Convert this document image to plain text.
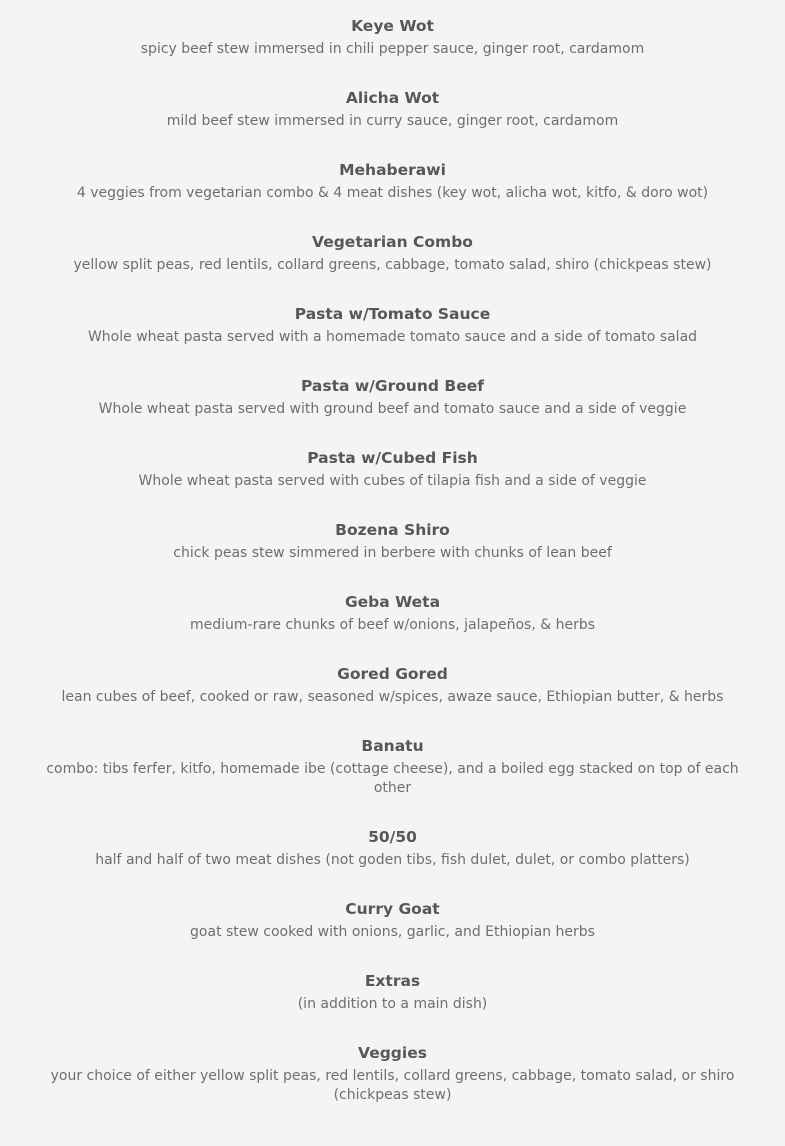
Keye Wot
spicy beef stew immersed in chili pepper sauce, ginger root, cardamom
Alicha Wot
mild beef stew immersed in curry sauce, ginger root, cardamom
Mehaberawi
4 veggies from vegetarian combo & 4 meat dishes (key wot, alicha wot, kitfo, & doro wot)
Vegetarian Combo
yellow split peas, red lentils, collard greens, cabbage, tomato salad, shiro (chickpeas stew)
Pasta w/Tomato Sauce
Whole wheat pasta served with a homemade tomato sauce and a side of tomato salad
Pasta w/Ground Beef
Whole wheat pasta served with ground beef and tomato sauce and a side of veggie
Pasta w/Cubed Fish
Whole wheat pasta served with cubes of tilapia fish and a side of veggie
Bozena Shiro
chick peas stew simmered in berbere with chunks of lean beef
Geba Weta
medium-rare chunks of beef w/onions, jalapeños, & herbs
Gored Gored
lean cubes of beef, cooked or raw, seasoned w/spices, awaze sauce, Ethiopian butter, & herbs
Banatu
combo: tibs ferfer, kitfo, homemade ibe (cottage cheese), and a boiled egg stacked on top of each other
50/50
half and half of two meat dishes (not goden tibs, fish dulet, dulet, or combo platters)
Curry Goat
goat stew cooked with onions, garlic, and Ethiopian herbs
Extras
(in addition to a main dish)
Veggies
your choice of either yellow split peas, red lentils, collard greens, cabbage, tomato salad, or shiro (chickpeas stew)
